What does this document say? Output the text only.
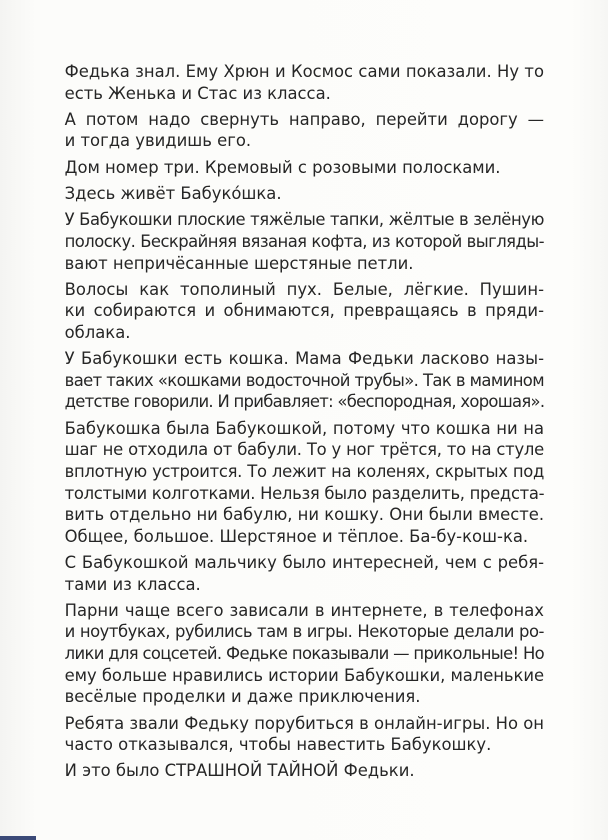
Федька знал. Ему Хрюн и Космос сами показали. Ну то
есть Женька и Стас из класса.

А потом надо свернуть направо, перейти дорогу —
и тогда увидишь его.

Дом номер три. Кремовый с розовыми полосками.

Здесь живёт Бабуко́шка.

У Бабукошки плоские тяжёлые тапки, жёлтые в зелёную
полоску. Бескрайняя вязаная кофта, из которой выгляды-
вают непричёсанные шерстяные петли.

Волосы как тополиный пух. Белые, лёгкие. Пушин-
ки собираются и обнимаются, превращаясь в пряди-
облака.

У Бабукошки есть кошка. Мама Федьки ласково назы-
вает таких «кошками водосточной трубы». Так в мамином
детстве говорили. И прибавляет: «беспородная, хорошая».

Бабукошка была Бабукошкой, потому что кошка ни на
шаг не отходила от бабули. То у ног трётся, то на стуле
вплотную устроится. То лежит на коленях, скрытых под
толстыми колготками. Нельзя было разделить, предста-
вить отдельно ни бабулю, ни кошку. Они были вместе.
Общее, большое. Шерстяное и тёплое. Ба-бу-кош-ка.

С Бабукошкой мальчику было интересней, чем с ребя-
тами из класса.

Парни чаще всего зависали в интернете, в телефонах
и ноутбуках, рубились там в игры. Некоторые делали ро-
лики для соцсетей. Федьке показывали — прикольные! Но
ему больше нравились истории Бабукошки, маленькие
весёлые проделки и даже приключения.

Ребята звали Федьку порубиться в онлайн-игры. Но он
часто отказывался, чтобы навестить Бабукошку.

И это было СТРАШНОЙ ТАЙНОЙ Федьки.
